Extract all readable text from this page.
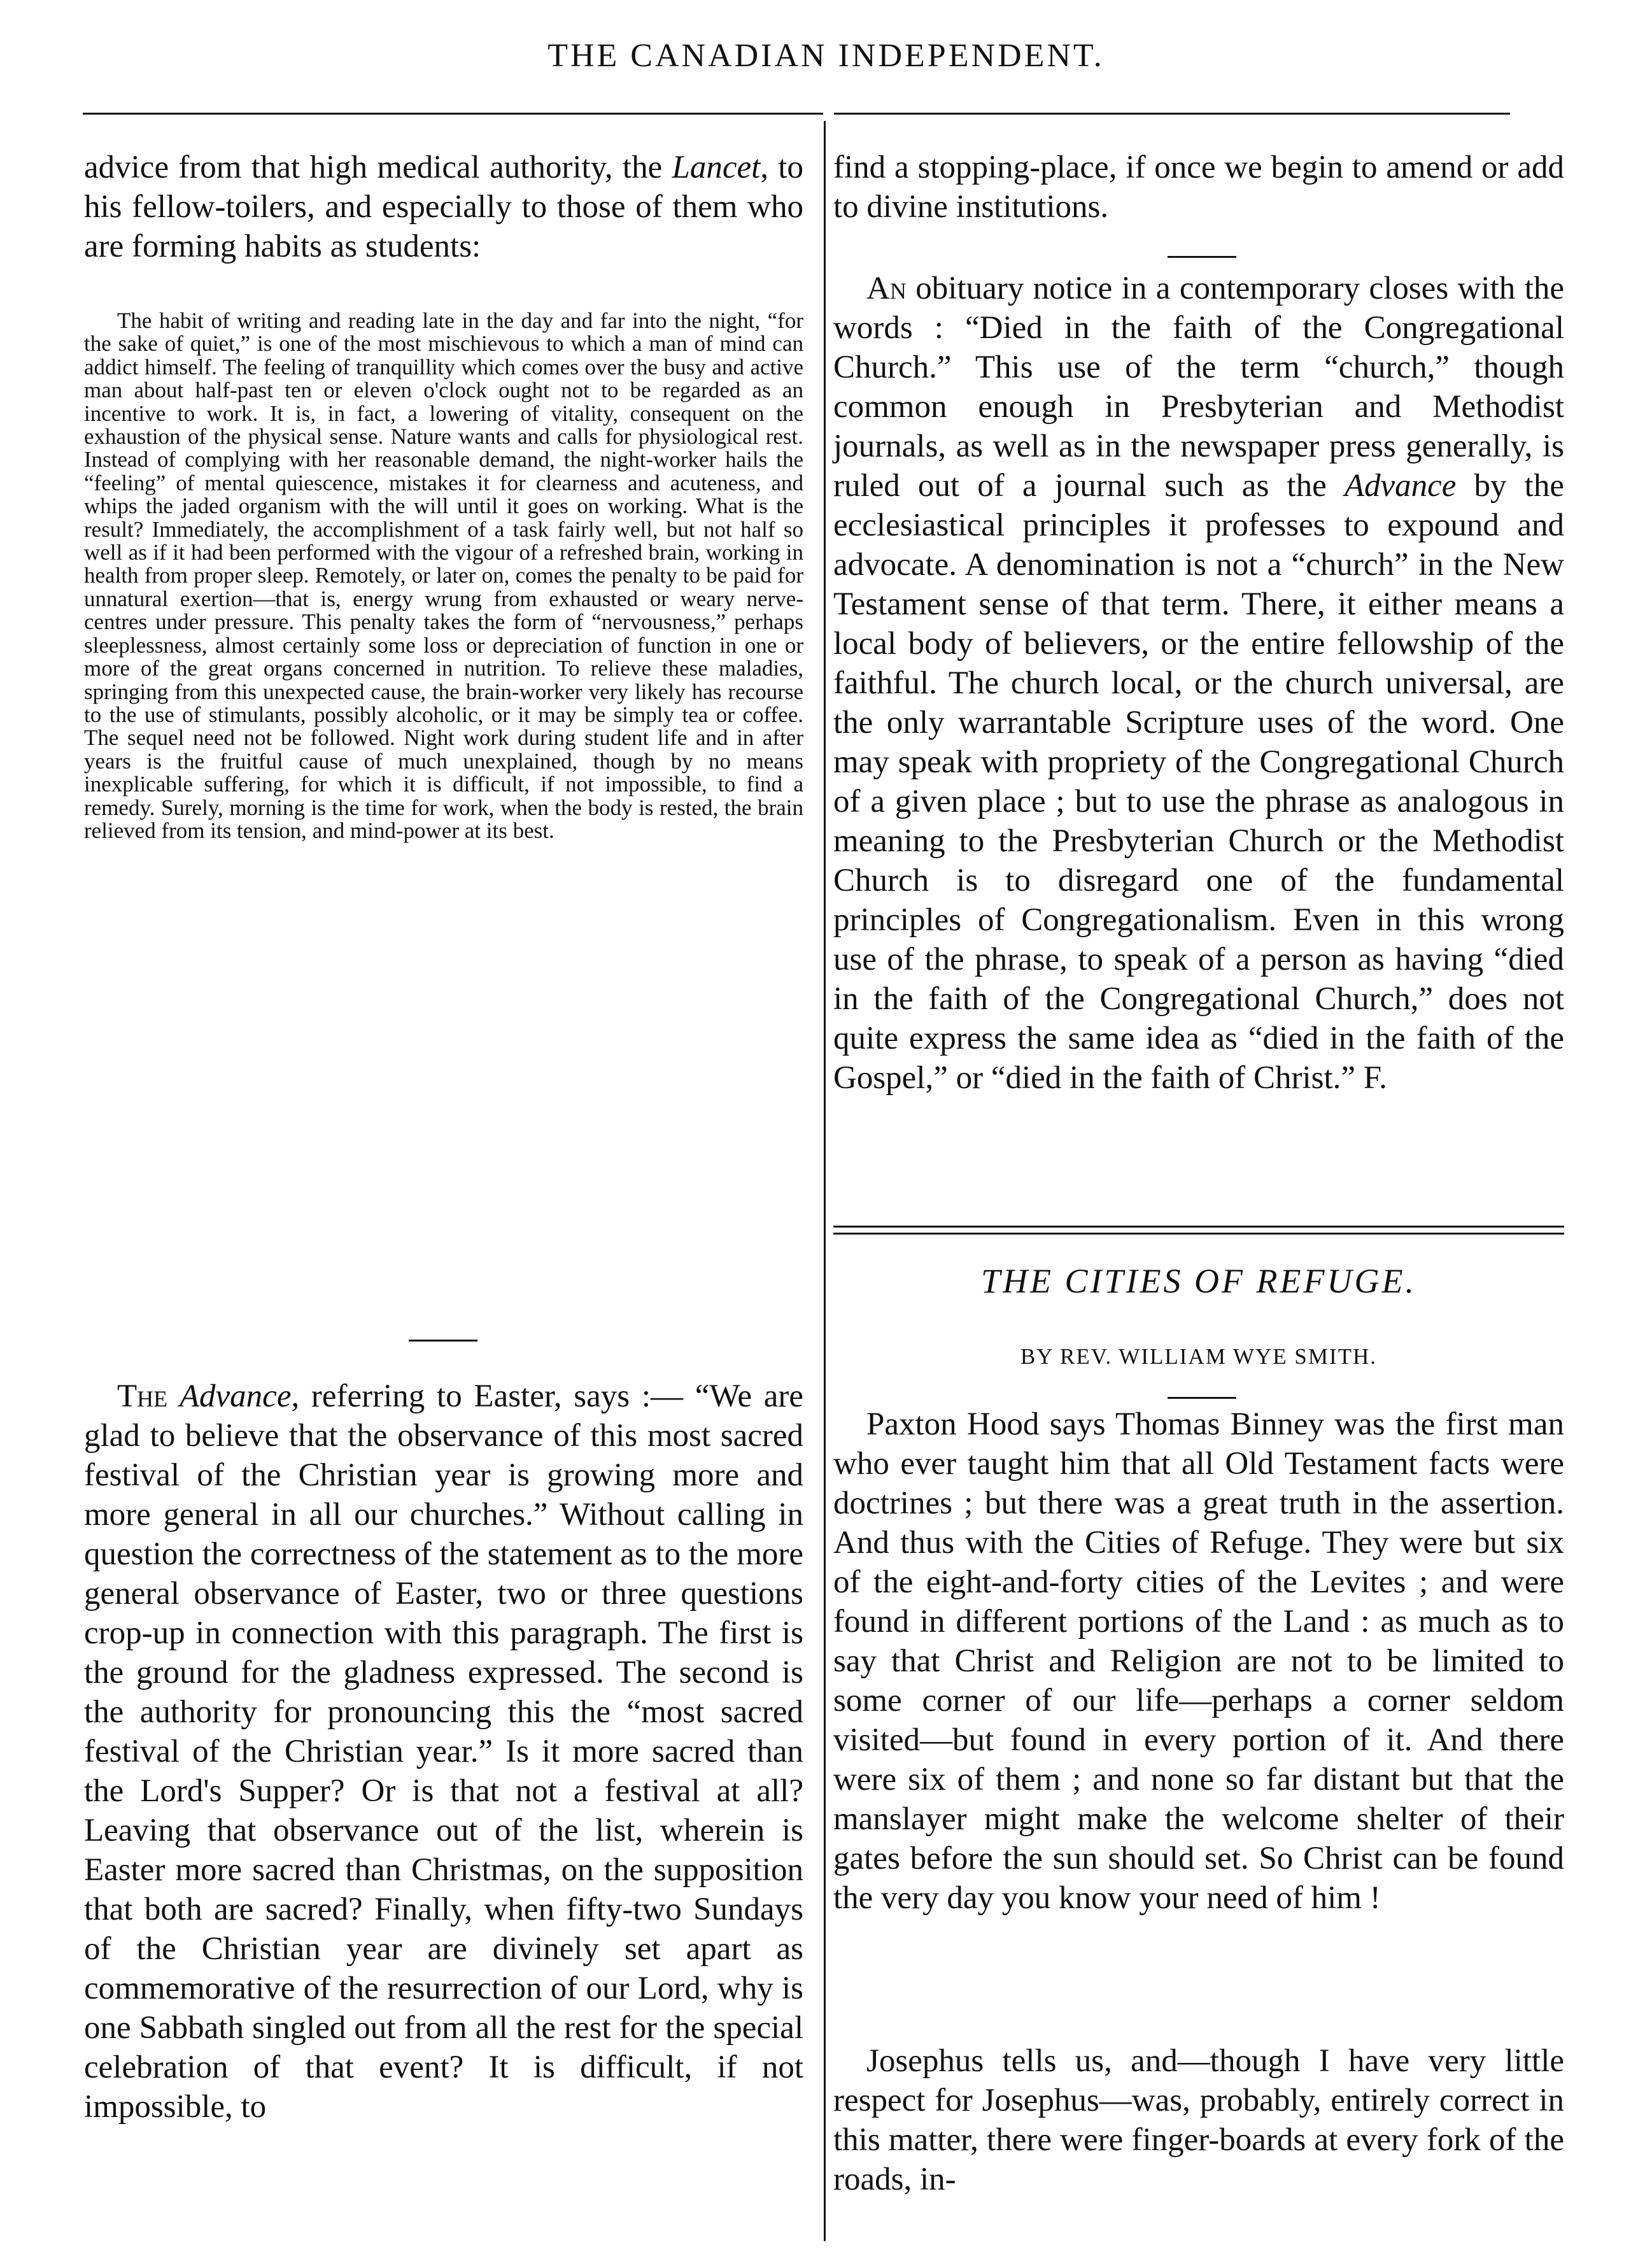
THE CANADIAN INDEPENDENT.

advice from that high medical authority, the Lancet, to his fellow-toilers, and especially to those of them who are forming habits as students:

The habit of writing and reading late in the day and far into the night, “for the sake of quiet,” is one of the most mischievous to which a man of mind can addict himself. The feeling of tranquillity which comes over the busy and active man about half-past ten or eleven o'clock ought not to be regarded as an incentive to work. It is, in fact, a lowering of vitality, consequent on the exhaustion of the physical sense. Nature wants and calls for physiological rest. Instead of complying with her reasonable demand, the night-worker hails the “feeling” of mental quiescence, mistakes it for clearness and acuteness, and whips the jaded organism with the will until it goes on working. What is the result? Immediately, the accomplishment of a task fairly well, but not half so well as if it had been performed with the vigour of a refreshed brain, working in health from proper sleep. Remotely, or later on, comes the penalty to be paid for unnatural exertion—that is, energy wrung from exhausted or weary nerve-centres under pressure. This penalty takes the form of “nervousness,” perhaps sleeplessness, almost certainly some loss or depreciation of function in one or more of the great organs concerned in nutrition. To relieve these maladies, springing from this unexpected cause, the brain-worker very likely has recourse to the use of stimulants, possibly alcoholic, or it may be simply tea or coffee. The sequel need not be followed. Night work during student life and in after years is the fruitful cause of much unexplained, though by no means inexplicable suffering, for which it is difficult, if not impossible, to find a remedy. Surely, morning is the time for work, when the body is rested, the brain relieved from its tension, and mind-power at its best.

The Advance, referring to Easter, says :— “We are glad to believe that the observance of this most sacred festival of the Christian year is growing more and more general in all our churches.” Without calling in question the correctness of the statement as to the more general observance of Easter, two or three questions crop-up in connection with this paragraph. The first is the ground for the gladness expressed. The second is the authority for pronouncing this the “most sacred festival of the Christian year.” Is it more sacred than the Lord's Supper? Or is that not a festival at all? Leaving that observance out of the list, wherein is Easter more sacred than Christmas, on the supposition that both are sacred? Finally, when fifty-two Sundays of the Christian year are divinely set apart as commemorative of the resurrection of our Lord, why is one Sabbath singled out from all the rest for the special celebration of that event? It is difficult, if not impossible, to

find a stopping-place, if once we begin to amend or add to divine institutions.

An obituary notice in a contemporary closes with the words : “Died in the faith of the Congregational Church.” This use of the term “church,” though common enough in Presbyterian and Methodist journals, as well as in the newspaper press generally, is ruled out of a journal such as the Advance by the ecclesiastical principles it professes to expound and advocate. A denomination is not a “church” in the New Testament sense of that term. There, it either means a local body of believers, or the entire fellowship of the faithful. The church local, or the church universal, are the only warrantable Scripture uses of the word. One may speak with propriety of the Congregational Church of a given place ; but to use the phrase as analogous in meaning to the Presbyterian Church or the Methodist Church is to disregard one of the fundamental principles of Congregationalism. Even in this wrong use of the phrase, to speak of a person as having “died in the faith of the Congregational Church,” does not quite express the same idea as “died in the faith of the Gospel,” or “died in the faith of Christ.” F.

THE CITIES OF REFUGE.
BY REV. WILLIAM WYE SMITH.

Paxton Hood says Thomas Binney was the first man who ever taught him that all Old Testament facts were doctrines ; but there was a great truth in the assertion. And thus with the Cities of Refuge. They were but six of the eight-and-forty cities of the Levites ; and were found in different portions of the Land : as much as to say that Christ and Religion are not to be limited to some corner of our life—perhaps a corner seldom visited—but found in every portion of it. And there were six of them ; and none so far distant but that the manslayer might make the welcome shelter of their gates before the sun should set. So Christ can be found the very day you know your need of him !

Josephus tells us, and—though I have very little respect for Josephus—was, probably, entirely correct in this matter, there were finger-boards at every fork of the roads, in-
